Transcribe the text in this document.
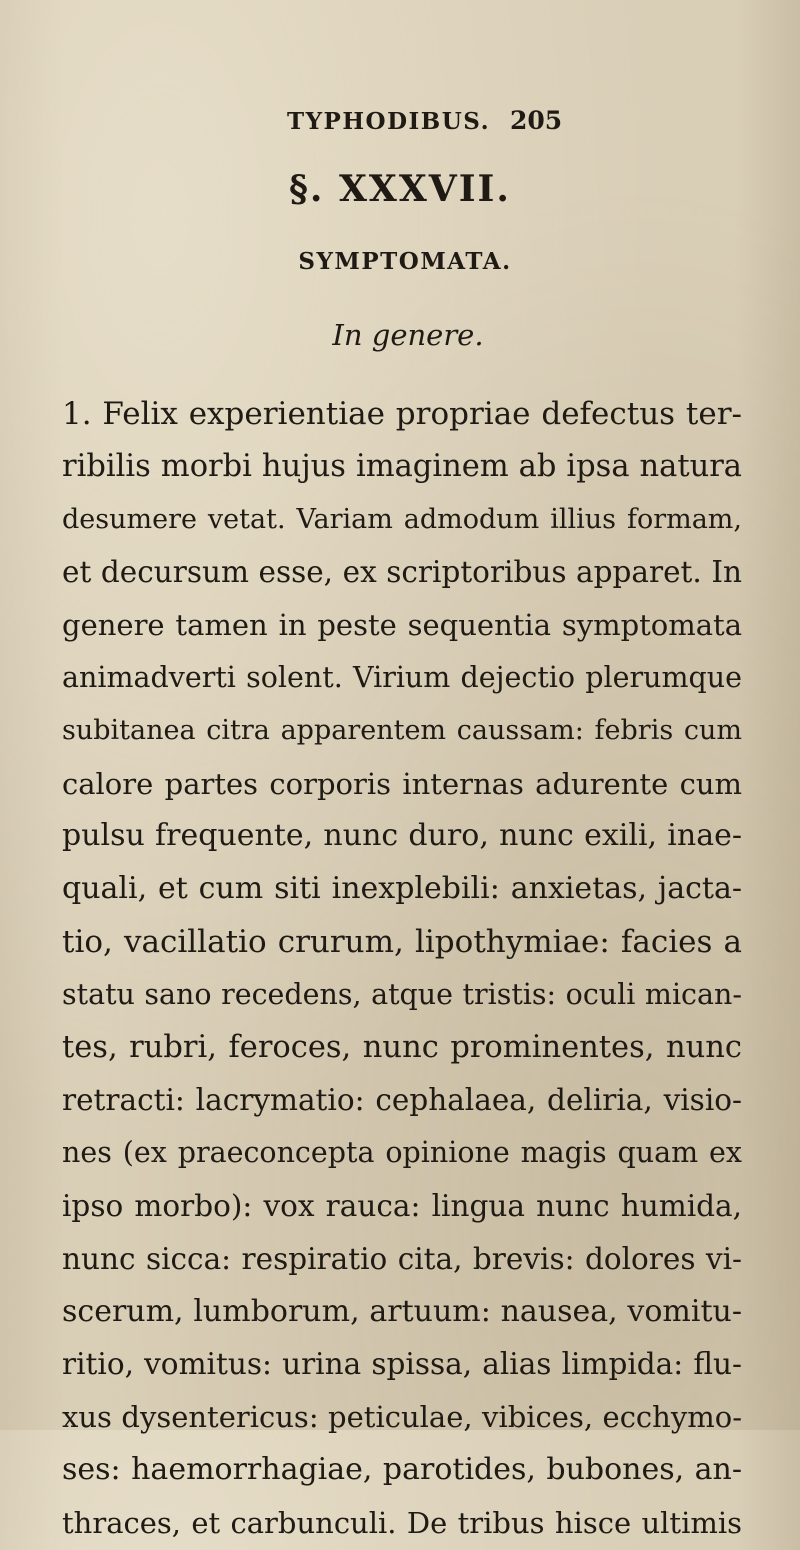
TYPHODIBUS. 205
§. XXXVII.
SYMPTOMATA.
In genere.
1. Felix experientiae propriae defectus ter-
ribilis morbi hujus imaginem ab ipsa natura
desumere vetat. Variam admodum illius formam,
et decursum esse, ex scriptoribus apparet. In
genere tamen in peste sequentia symptomata
animadverti solent. Virium dejectio plerumque
subitanea citra apparentem caussam: febris cum
calore partes corporis internas adurente cum
pulsu frequente, nunc duro, nunc exili, inae-
quali, et cum siti inexplebili: anxietas, jacta-
tio, vacillatio crurum, lipothymiae: facies a
statu sano recedens, atque tristis: oculi mican-
tes, rubri, feroces, nunc prominentes, nunc
retracti: lacrymatio: cephalaea, deliria, visio-
nes (ex praeconcepta opinione magis quam ex
ipso morbo): vox rauca: lingua nunc humida,
nunc sicca: respiratio cita, brevis: dolores vi-
scerum, lumborum, artuum: nausea, vomitu-
ritio, vomitus: urina spissa, alias limpida: flu-
xus dysentericus: peticulae, vibices, ecchymo-
ses: haemorrhagiae, parotides, bubones, an-
thraces, et carbunculi. De tribus hisce ultimis
